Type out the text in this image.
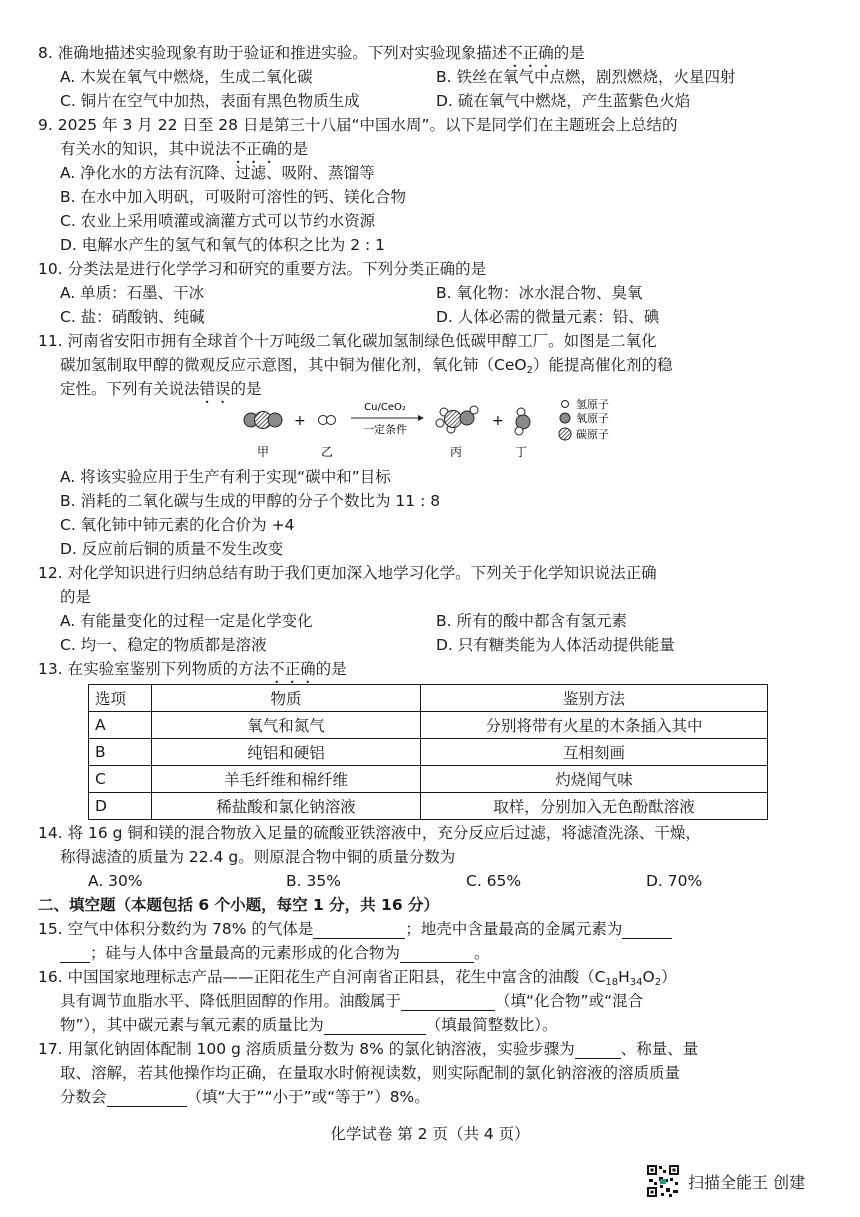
8. 准确地描述实验现象有助于验证和推进实验。下列对实验现象描述不正确的是
A. 木炭在氧气中燃烧，生成二氧化碳	B. 铁丝在氧气中点燃，剧烈燃烧，火星四射
C. 铜片在空气中加热，表面有黑色物质生成	D. 硫在氧气中燃烧，产生蓝紫色火焰
9. 2025 年 3 月 22 日至 28 日是第三十八届“中国水周”。以下是同学们在主题班会上总结的
有关水的知识，其中说法不正确的是
A. 净化水的方法有沉降、过滤、吸附、蒸馏等
B. 在水中加入明矾，可吸附可溶性的钙、镁化合物
C. 农业上采用喷灌或滴灌方式可以节约水资源
D. 电解水产生的氢气和氧气的体积之比为 2 : 1
10. 分类法是进行化学学习和研究的重要方法。下列分类正确的是
A. 单质：石墨、干冰	B. 氧化物：冰水混合物、臭氧
C. 盐：硝酸钠、纯碱	D. 人体必需的微量元素：铅、碘
11. 河南省安阳市拥有全球首个十万吨级二氧化碳加氢制绿色低碳甲醇工厂。如图是二氧化
碳加氢制取甲醇的微观反应示意图，其中铜为催化剂，氧化铈（CeO$_2$）能提高催化剂的稳
定性。下列有关说法错误的是
+
Cu/CeO₂
一定条件
+
氢原子
氧原子
碳原子
甲	乙	丙	丁
A. 将该实验应用于生产有利于实现“碳中和”目标
B. 消耗的二氧化碳与生成的甲醇的分子个数比为 11 : 8
C. 氧化铈中铈元素的化合价为 +4
D. 反应前后铜的质量不发生改变
12. 对化学知识进行归纳总结有助于我们更加深入地学习化学。下列关于化学知识说法正确
的是
A. 有能量变化的过程一定是化学变化	B. 所有的酸中都含有氢元素
C. 均一、稳定的物质都是溶液	D. 只有糖类能为人体活动提供能量
13. 在实验室鉴别下列物质的方法不正确的是
选项	物质	鉴别方法
A	氧气和氮气	分别将带有火星的木条插入其中
B	纯铝和硬铝	互相刻画
C	羊毛纤维和棉纤维	灼烧闻气味
D	稀盐酸和氯化钠溶液	取样，分别加入无色酚酞溶液
14. 将 16 g 铜和镁的混合物放入足量的硫酸亚铁溶液中，充分反应后过滤，将滤渣洗涤、干燥，
称得滤渣的质量为 22.4 g。则原混合物中铜的质量分数为
A. 30%	B. 35%	C. 65%	D. 70%
二、填空题（本题包括 6 个小题，每空 1 分，共 16 分）
15. 空气中体积分数约为 78% 的气体是	；地壳中含量最高的金属元素为
；硅与人体中含量最高的元素形成的化合物为	。
16. 中国国家地理标志产品——正阳花生产自河南省正阳县，花生中富含的油酸$(C_{18}H_{34}O_2)$
具有调节血脂水平、降低胆固醇的作用。油酸属于	（填“化合物”或“混合
物”），其中碳元素与氧元素的质量比为	（填最简整数比）。
17. 用氯化钠固体配制 100 g 溶质质量分数为 8% 的氯化钠溶液，实验步骤为	、称量、量
取、溶解，若其他操作均正确，在量取水时俯视读数，则实际配制的氯化钠溶液的溶质质量
分数会	（填“大于”“小于”或“等于”）8%。
化学试卷 第 2 页（共 4 页）
扫描全能王 创建
